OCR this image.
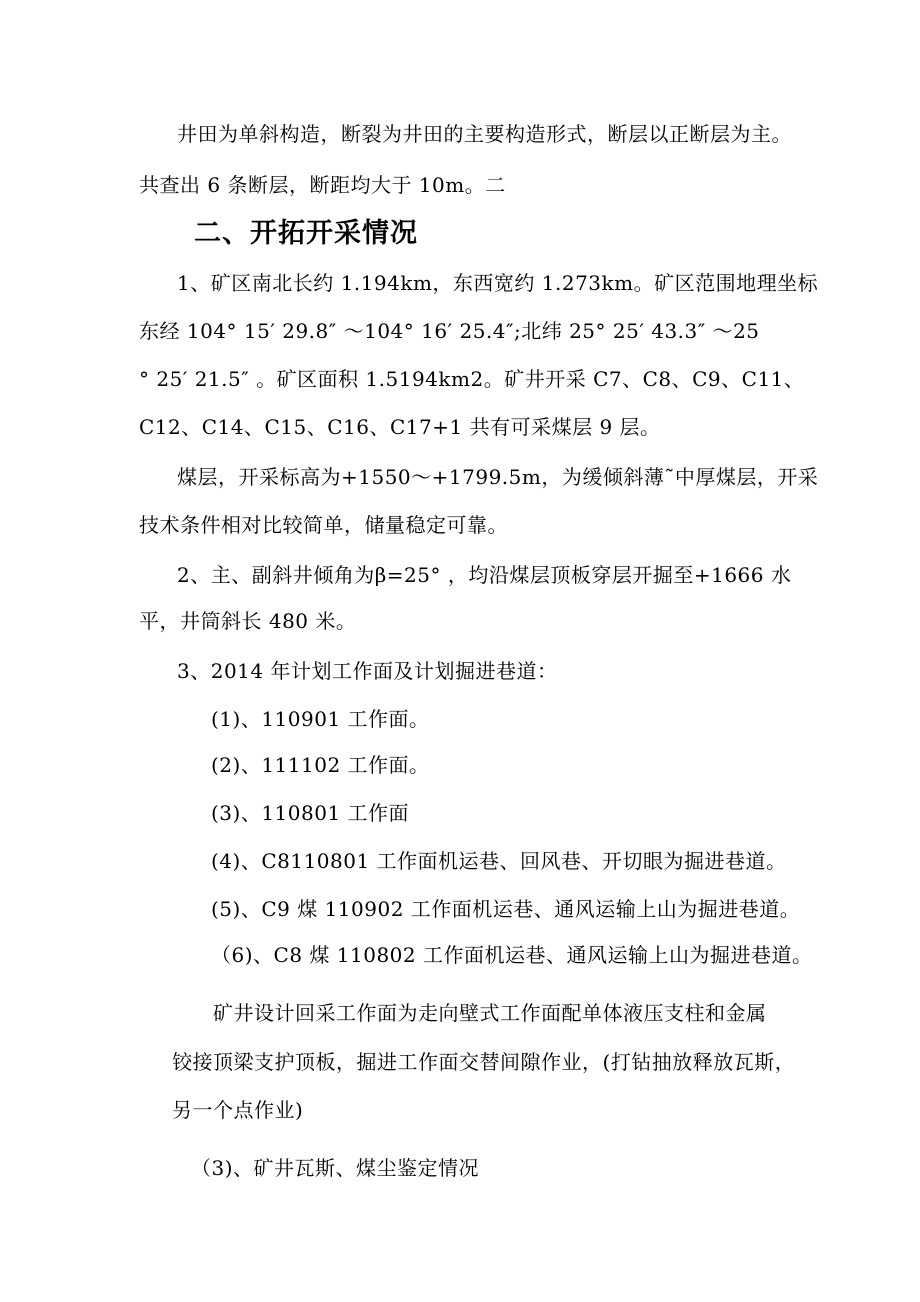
井田为单斜构造，断裂为井田的主要构造形式，断层以正断层为主。
共查出 6 条断层，断距均大于 10m。二
二、开拓开采情况
1、矿区南北长约 1.194km，东西宽约 1.273km。矿区范围地理坐标
东经 104° 15′ 29.8″ ～104° 16′ 25.4″;北纬 25° 25′ 43.3″ ～25
° 25′ 21.5″ 。矿区面积 1.5194km2。矿井开采 C7、C8、C9、C11、
C12、C14、C15、C16、C17+1 共有可采煤层 9 层。
煤层，开采标高为+1550～+1799.5m，为缓倾斜薄˜中厚煤层，开采
技术条件相对比较简单，储量稳定可靠。
2、主、副斜井倾角为β=25° ，均沿煤层顶板穿层开掘至+1666 水
平，井筒斜长 480 米。
3、2014 年计划工作面及计划掘进巷道：
(1)、110901 工作面。
(2)、111102 工作面。
(3)、110801 工作面
(4)、C8110801 工作面机运巷、回风巷、开切眼为掘进巷道。
(5)、C9 煤 110902 工作面机运巷、通风运输上山为掘进巷道。
（6)、C8 煤 110802 工作面机运巷、通风运输上山为掘进巷道。
矿井设计回采工作面为走向壁式工作面配单体液压支柱和金属
铰接顶梁支护顶板，掘进工作面交替间隙作业，(打钻抽放释放瓦斯，
另一个点作业)
（3)、矿井瓦斯、煤尘鉴定情况
